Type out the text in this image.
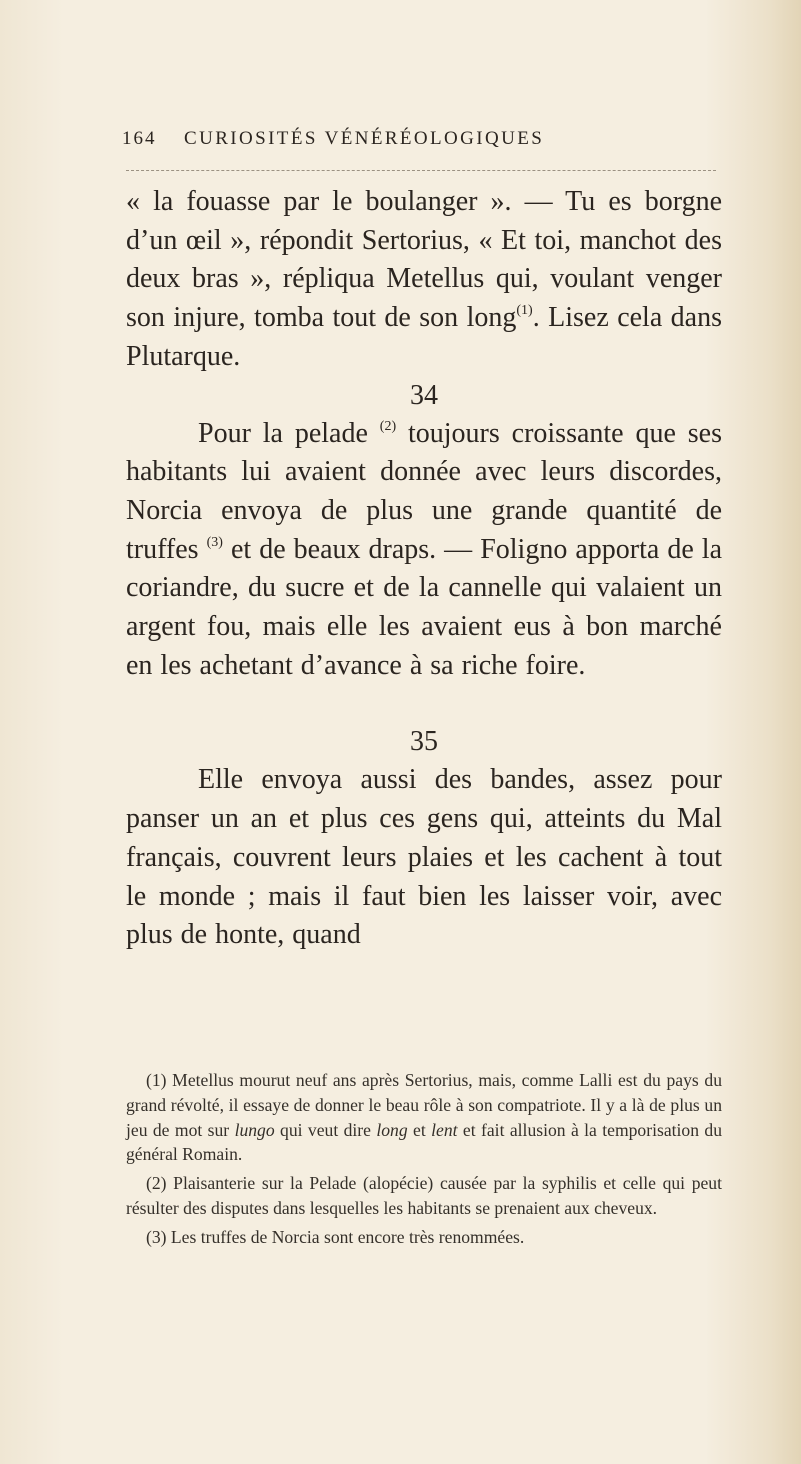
164 CURIOSITÉS VÉNÉRÉOLOGIQUES

« la fouasse par le boulanger ». — Tu es borgne d’un œil », répondit Sertorius, « Et toi, manchot des deux bras », répliqua Metellus qui, voulant venger son injure, tomba tout de son long$^{(1)}$. Lisez cela dans Plutarque.

34

Pour la pelade $^{(2)}$ toujours croissante que ses habitants lui avaient donnée avec leurs discordes, Norcia envoya de plus une grande quantité de truffes $^{(3)}$ et de beaux draps. — Foligno apporta de la coriandre, du sucre et de la cannelle qui valaient un argent fou, mais elle les avaient eus à bon marché en les achetant d’avance à sa riche foire.

35

Elle envoya aussi des bandes, assez pour panser un an et plus ces gens qui, atteints du Mal français, couvrent leurs plaies et les cachent à tout le monde ; mais il faut bien les laisser voir, avec plus de honte, quand

(1) Metellus mourut neuf ans après Sertorius, mais, comme Lalli est du pays du grand révolté, il essaye de donner le beau rôle à son compatriote. Il y a là de plus un jeu de mot sur lungo qui veut dire long et lent et fait allusion à la temporisation du général Romain.

(2) Plaisanterie sur la Pelade (alopécie) causée par la syphilis et celle qui peut résulter des disputes dans lesquelles les habitants se prenaient aux cheveux.

(3) Les truffes de Norcia sont encore très renommées.
